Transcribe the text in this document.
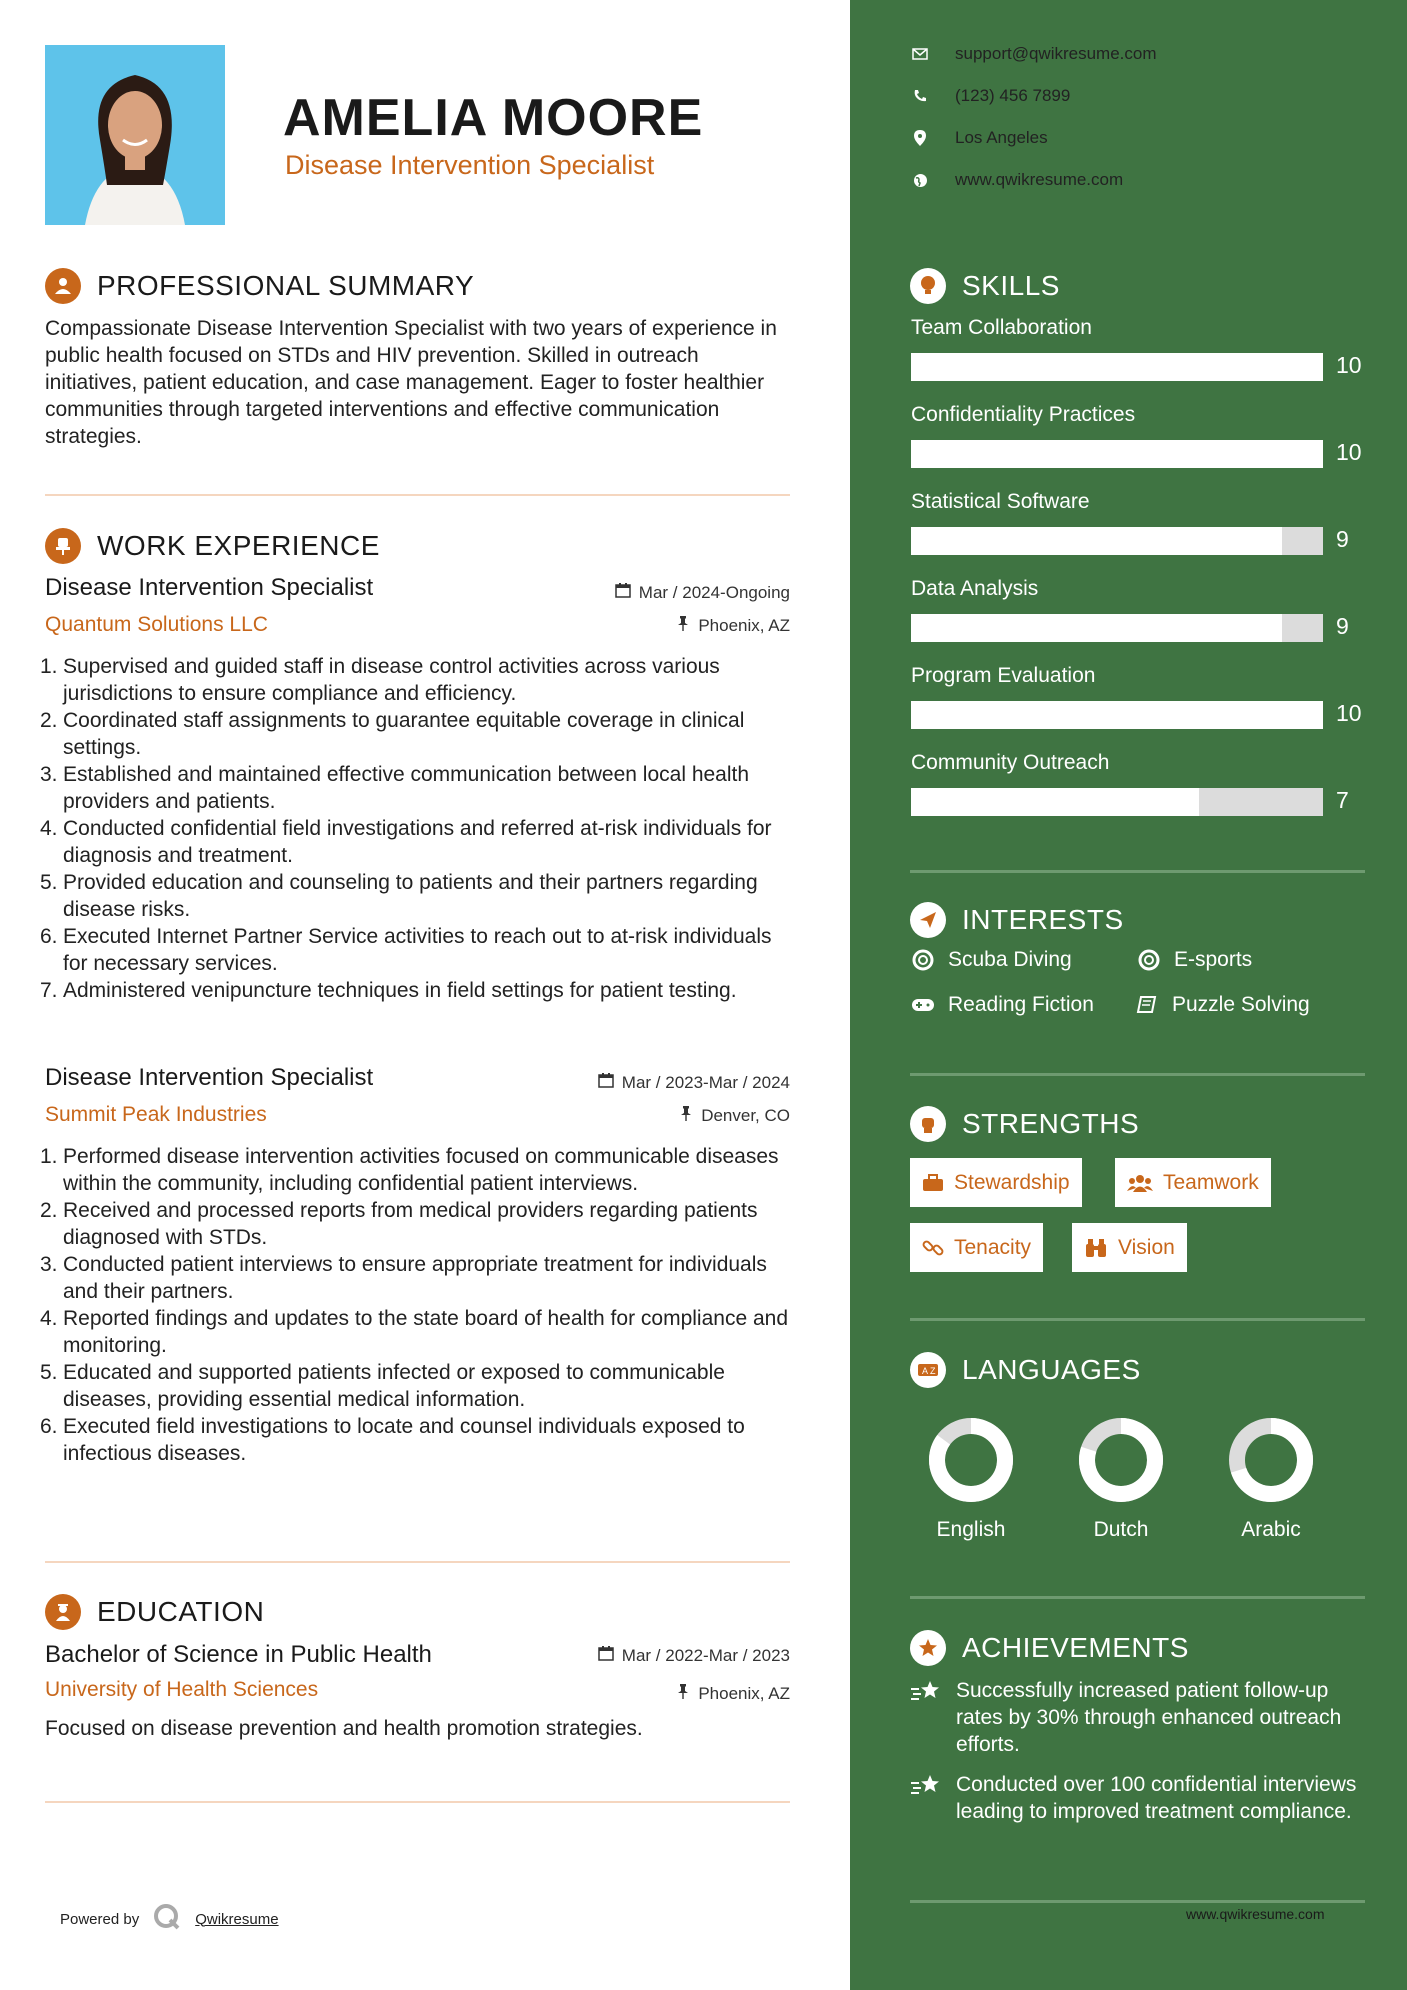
AMELIA MOORE
Disease Intervention Specialist
PROFESSIONAL SUMMARY
Compassionate Disease Intervention Specialist with two years of experience in public health focused on STDs and HIV prevention. Skilled in outreach initiatives, patient education, and case management. Eager to foster healthier communities through targeted interventions and effective communication strategies.
WORK EXPERIENCE
Disease Intervention Specialist	Mar / 2024-Ongoing
Quantum Solutions LLC	Phoenix, AZ
1. Supervised and guided staff in disease control activities across various jurisdictions to ensure compliance and efficiency.
2. Coordinated staff assignments to guarantee equitable coverage in clinical settings.
3. Established and maintained effective communication between local health providers and patients.
4. Conducted confidential field investigations and referred at-risk individuals for diagnosis and treatment.
5. Provided education and counseling to patients and their partners regarding disease risks.
6. Executed Internet Partner Service activities to reach out to at-risk individuals for necessary services.
7. Administered venipuncture techniques in field settings for patient testing.
Disease Intervention Specialist	Mar / 2023-Mar / 2024
Summit Peak Industries	Denver, CO
1. Performed disease intervention activities focused on communicable diseases within the community, including confidential patient interviews.
2. Received and processed reports from medical providers regarding patients diagnosed with STDs.
3. Conducted patient interviews to ensure appropriate treatment for individuals and their partners.
4. Reported findings and updates to the state board of health for compliance and monitoring.
5. Educated and supported patients infected or exposed to communicable diseases, providing essential medical information.
6. Executed field investigations to locate and counsel individuals exposed to infectious diseases.
EDUCATION
Bachelor of Science in Public Health	Mar / 2022-Mar / 2023
University of Health Sciences	Phoenix, AZ
Focused on disease prevention and health promotion strategies.
Powered by	Qwikresume
support@qwikresume.com
(123) 456 7899
Los Angeles
www.qwikresume.com
SKILLS
Team Collaboration
10
Confidentiality Practices
10
Statistical Software
9
Data Analysis
9
Program Evaluation
10
Community Outreach
7
INTERESTS
Scuba Diving	E-sports
Reading Fiction	Puzzle Solving
STRENGTHS
Stewardship	Teamwork
Tenacity	Vision
A Z LANGUAGES
English	Dutch	Arabic
ACHIEVEMENTS
Successfully increased patient follow-up rates by 30% through enhanced outreach efforts.
Conducted over 100 confidential interviews leading to improved treatment compliance.
www.qwikresume.com
